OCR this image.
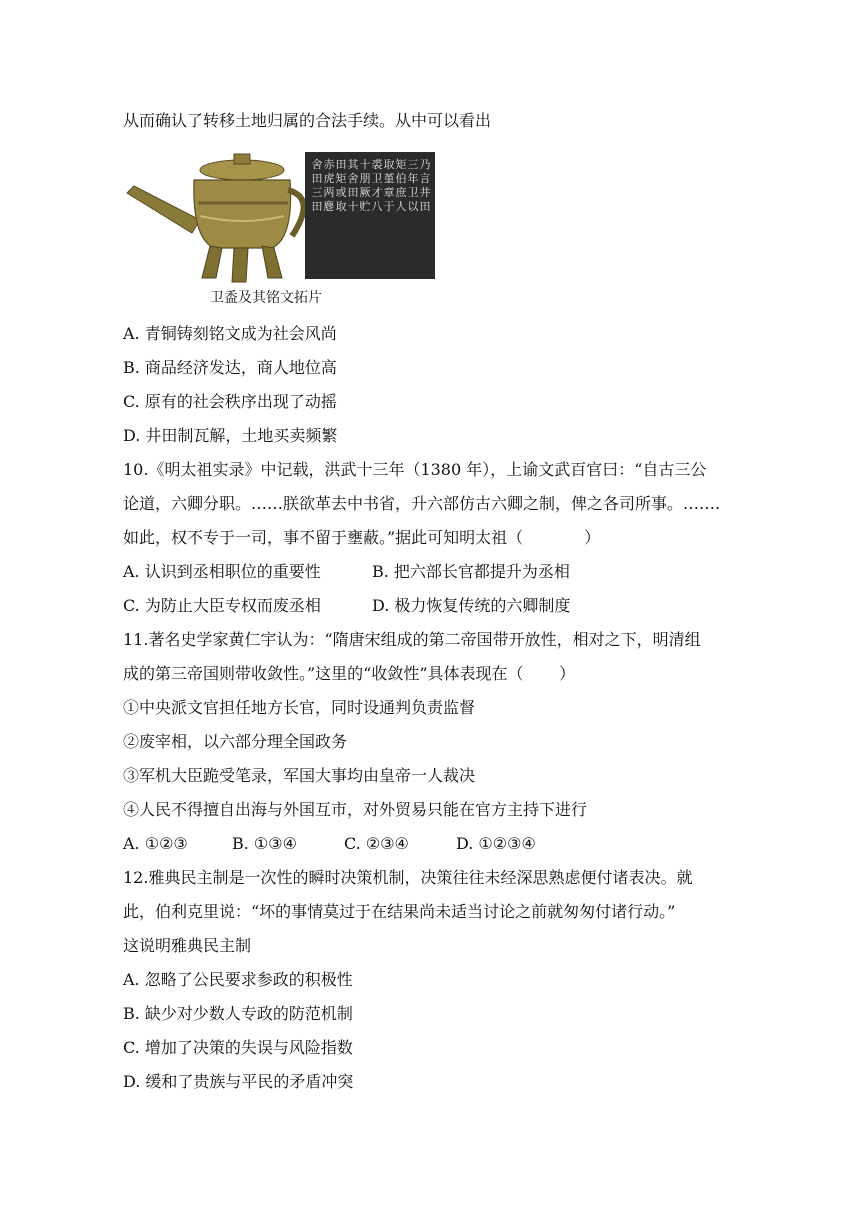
从而确认了转移土地归属的合法手续。从中可以看出
乃
言
井
田
三
年
卫
以
矩
伯
庶
人
取
堇
章
于
裘
卫
才
八
十
朋
厥
贮
其
舍
田
十
田
矩
或
取
赤
虎
两
麀
舍
田
三
田
卫盉及其铭文拓片
A. 青铜铸刻铭文成为社会风尚
B. 商品经济发达，商人地位高
C. 原有的社会秩序出现了动摇
D. 井田制瓦解，土地买卖频繁
10.《明太祖实录》中记载，洪武十三年（1380 年），上谕文武百官曰：“自古三公
论道，六卿分职。……朕欲革去中书省，升六部仿古六卿之制，俾之各司所事。…….
如此，权不专于一司，事不留于壅蔽。”据此可知明太祖（            ）
A. 认识到丞相职位的重要性	B. 把六部长官都提升为丞相
C. 为防止大臣专权而废丞相	D. 极力恢复传统的六卿制度
11.著名史学家黄仁宇认为：“隋唐宋组成的第二帝国带开放性，相对之下，明清组
成的第三帝国则带收敛性。”这里的“收敛性”具体表现在（       ）
①中央派文官担任地方长官，同时设通判负责监督
②废宰相，以六部分理全国政务
③军机大臣跪受笔录，军国大事均由皇帝一人裁决
④人民不得擅自出海与外国互市，对外贸易只能在官方主持下进行
A. ①②③	B. ①③④	C. ②③④	D. ①②③④
12.雅典民主制是一次性的瞬时决策机制，决策往往未经深思熟虑便付诸表决。就
此，伯利克里说：“坏的事情莫过于在结果尚未适当讨论之前就匆匆付诸行动。”
这说明雅典民主制
A. 忽略了公民要求参政的积极性
B. 缺少对少数人专政的防范机制
C. 增加了决策的失误与风险指数
D. 缓和了贵族与平民的矛盾冲突
